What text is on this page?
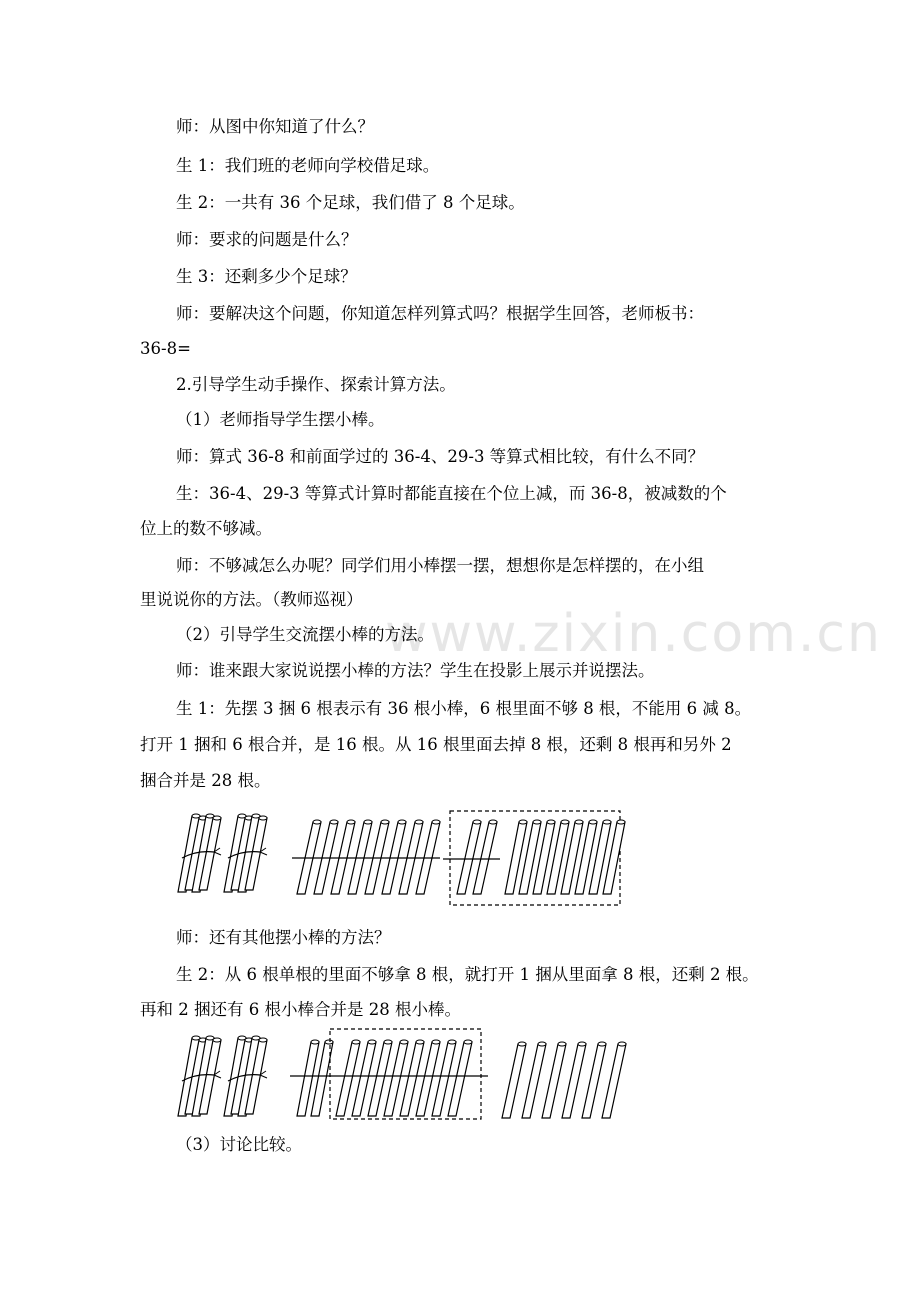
www.zixin.com.cn
师：从图中你知道了什么？
生 1：我们班的老师向学校借足球。
生 2：一共有 36 个足球，我们借了 8 个足球。
师：要求的问题是什么？
生 3：还剩多少个足球？
师：要解决这个问题，你知道怎样列算式吗？根据学生回答，老师板书：
36-8=
2.引导学生动手操作、探索计算方法。
（1）老师指导学生摆小棒。
师：算式 36-8 和前面学过的 36-4、29-3 等算式相比较，有什么不同？
生：36-4、29-3 等算式计算时都能直接在个位上减，而 36-8，被减数的个
位上的数不够减。
师：不够减怎么办呢？同学们用小棒摆一摆，想想你是怎样摆的，在小组
里说说你的方法。（教师巡视）
（2）引导学生交流摆小棒的方法。
师：谁来跟大家说说摆小棒的方法？学生在投影上展示并说摆法。
生 1：先摆 3 捆 6 根表示有 36 根小棒，6 根里面不够 8 根，不能用 6 减 8。
打开 1 捆和 6 根合并，是 16 根。从 16 根里面去掉 8 根，还剩 8 根再和另外 2
捆合并是 28 根。
师：还有其他摆小棒的方法？
生 2：从 6 根单根的里面不够拿 8 根，就打开 1 捆从里面拿 8 根，还剩 2 根。
再和 2 捆还有 6 根小棒合并是 28 根小棒。
（3）讨论比较。
